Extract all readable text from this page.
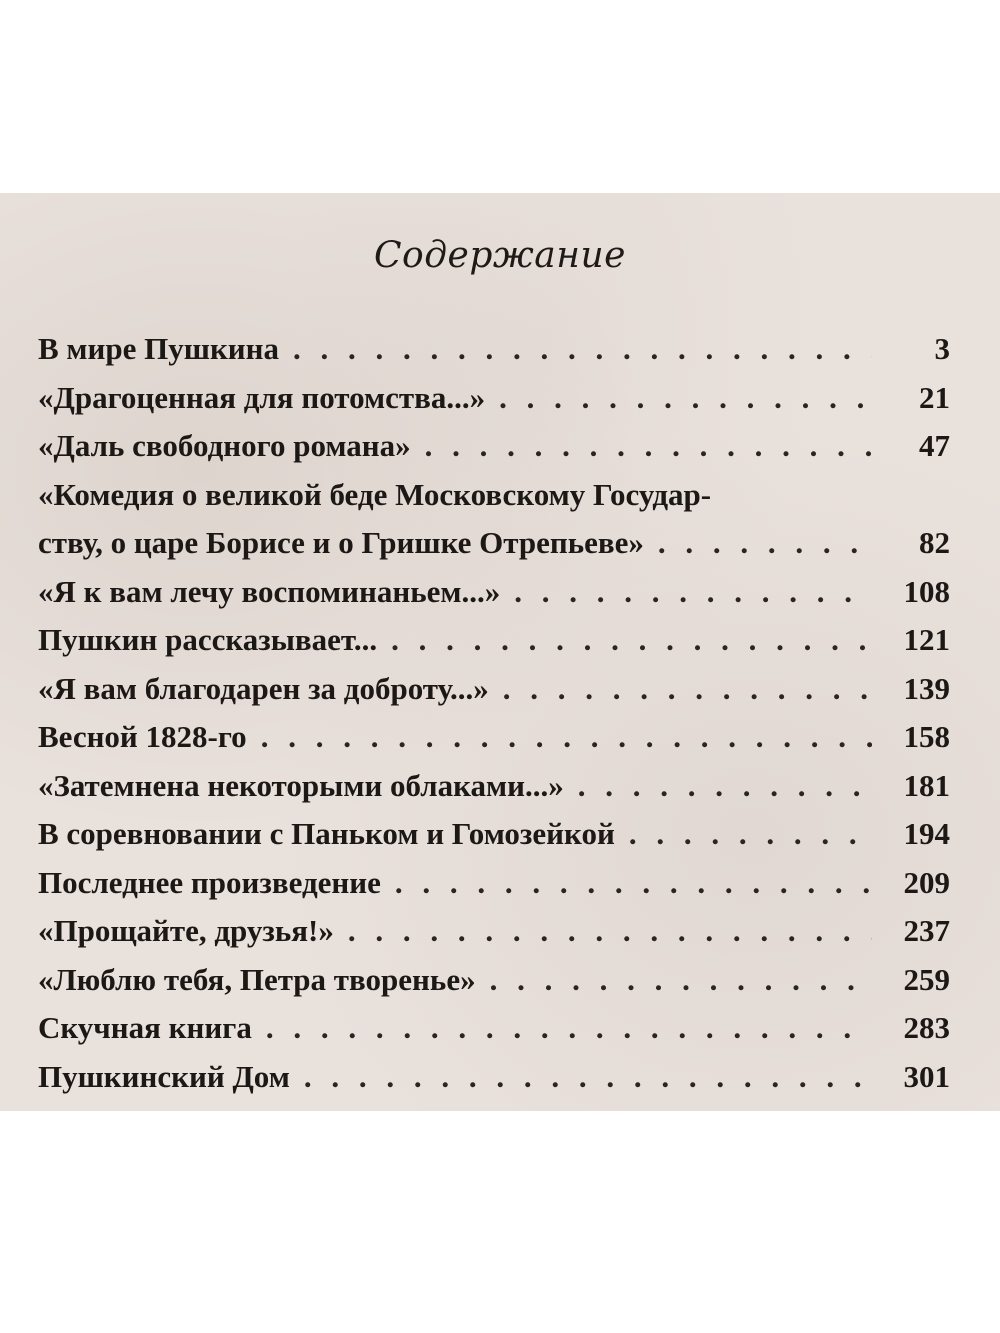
Содержание
В мире Пушкина . . .	3
«Драгоценная для потомства...» . . .	21
«Даль свободного романа» . . .	47
«Комедия о великой беде Московскому Государ-
ству, о царе Борисе и о Гришке Отрепьеве» . . .	82
«Я к вам лечу воспоминаньем...» . . .	108
Пушкин рассказывает... . . .	121
«Я вам благодарен за доброту...» . . .	139
Весной 1828-го . . .	158
«Затемнена некоторыми облаками...» . . .	181
В соревновании с Паньком и Гомозейкой . . .	194
Последнее произведение . . .	209
«Прощайте, друзья!» . . .	237
«Люблю тебя, Петра творенье» . . .	259
Скучная книга . . .	283
Пушкинский Дом . . .	301
